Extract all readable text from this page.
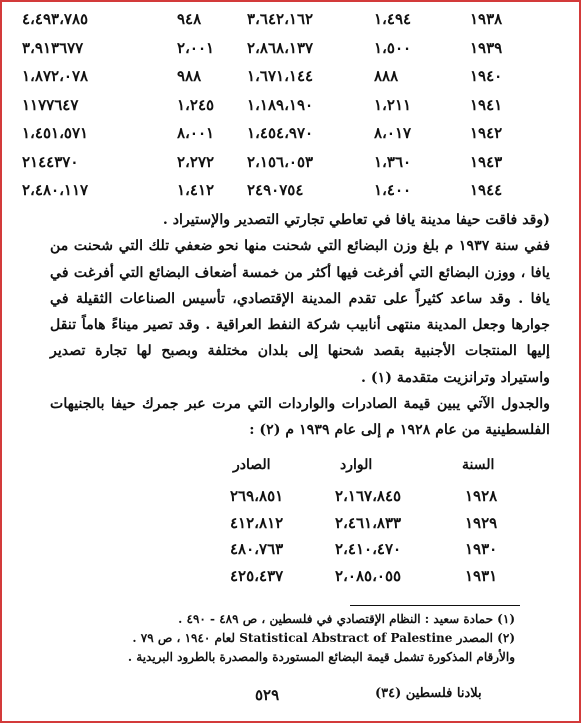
١٩٣٨
١،٤٩٤
٣،٦٤٢،١٦٢
٩٤٨
٤،٤٩٣،٧٨٥
١٩٣٩
١،٥٠٠
٢،٨٦٨،١٣٧
٢،٠٠١
٣،٩١٣٦٧٧
١٩٤٠
٨٨٨
١،٦٧١،١٤٤
٩٨٨
١،٨٧٢،٠٧٨
١٩٤١
١،٢١١
١،١٨٩،١٩٠
١،٢٤٥
١١٧٧٦٤٧
١٩٤٢
٨،٠١٧
١،٤٥٤،٩٧٠
٨،٠٠١
١،٤٥١،٥٧١
١٩٤٣
١،٣٦٠
٢،١٥٦،٠٥٣
٢،٢٧٢
٢١٤٤٣٧٠
١٩٤٤
١،٤٠٠
٢٤٩٠٧٥٤
١،٤١٢
٢،٤٨٠،١١٧

(وقد فاقت حيفا مدينة يافا في تعاطي تجارتي التصدير والإستيراد .

ففي سنة ١٩٣٧ م بلغ وزن البضائع التي شحنت منها نحو ضعفي تلك التي شحنت من يافا ، ووزن البضائع التي أفرغت فيها أكثر من خمسة أضعاف البضائع التي أفرغت في يافا . وقد ساعد كثيراً على تقدم المدينة الإقتصادي، تأسيس الصناعات الثقيلة في جوارها وجعل المدينة منتهى أنابيب شركة النفط العراقية . وقد تصير ميناءً هاماً تنقل إليها المنتجات الأجنبية بقصد شحنها إلى بلدان مختلفة وبصبح لها تجارة تصدير واستيراد وترانزيت متقدمة (١) .

والجدول الآتي يبين قيمة الصادرات والواردات التي مرت عبر جمرك حيفا بالجنيهات الفلسطينية من عام ١٩٢٨ م إلى عام ١٩٣٩ م (٢) :

السنة
الوارد
الصادر
١٩٢٨
٢،١٦٧،٨٤٥
٢٦٩،٨٥١
١٩٢٩
٢،٤٦١،٨٣٣
٤١٢،٨١٢
١٩٣٠
٢،٤١٠،٤٧٠
٤٨٠،٧٦٣
١٩٣١
٢،٠٨٥،٠٥٥
٤٢٥،٤٣٧

(١) حمادة سعيد : النظام الإقتصادي في فلسطين ، ص ٤٨٩ - ٤٩٠ .

(٢) المصدر Statistical Abstract of Palestine لعام ١٩٤٠ ، ص ٧٩ .

والأرقام المذكورة تشمل قيمة البضائع المستوردة والمصدرة بالطرود البريدية .

٥٢٩	بلادنا فلسطين (٣٤)
